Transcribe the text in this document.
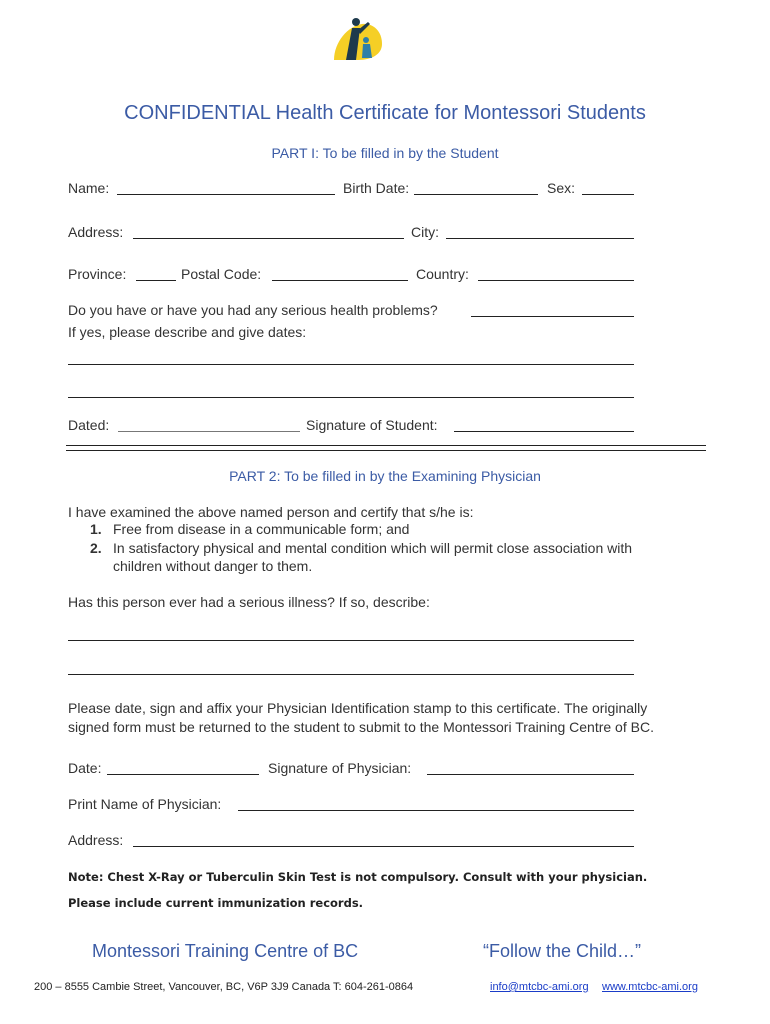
CONFIDENTIAL Health Certificate for Montessori Students
PART I: To be filled in by the Student
Name:	Birth Date:	Sex:
Address:	City:
Province:	Postal Code:	Country:
Do you have or have you had any serious health problems?
If yes, please describe and give dates:
Dated:	Signature of Student:
PART 2: To be filled in by the Examining Physician
I have examined the above named person and certify that s/he is:
1. Free from disease in a communicable form; and
2. In satisfactory physical and mental condition which will permit close association with
children without danger to them.
Has this person ever had a serious illness? If so, describe:
Please date, sign and affix your Physician Identification stamp to this certificate. The originally
signed form must be returned to the student to submit to the Montessori Training Centre of BC.
Date:	Signature of Physician:
Print Name of Physician:
Address:
Note: Chest X-Ray or Tuberculin Skin Test is not compulsory. Consult with your physician.
Please include current immunization records.
Montessori Training Centre of BC	“Follow the Child…”
200 – 8555 Cambie Street, Vancouver, BC, V6P 3J9 Canada T: 604-261-0864	info@mtcbc-ami.org www.mtcbc-ami.org
